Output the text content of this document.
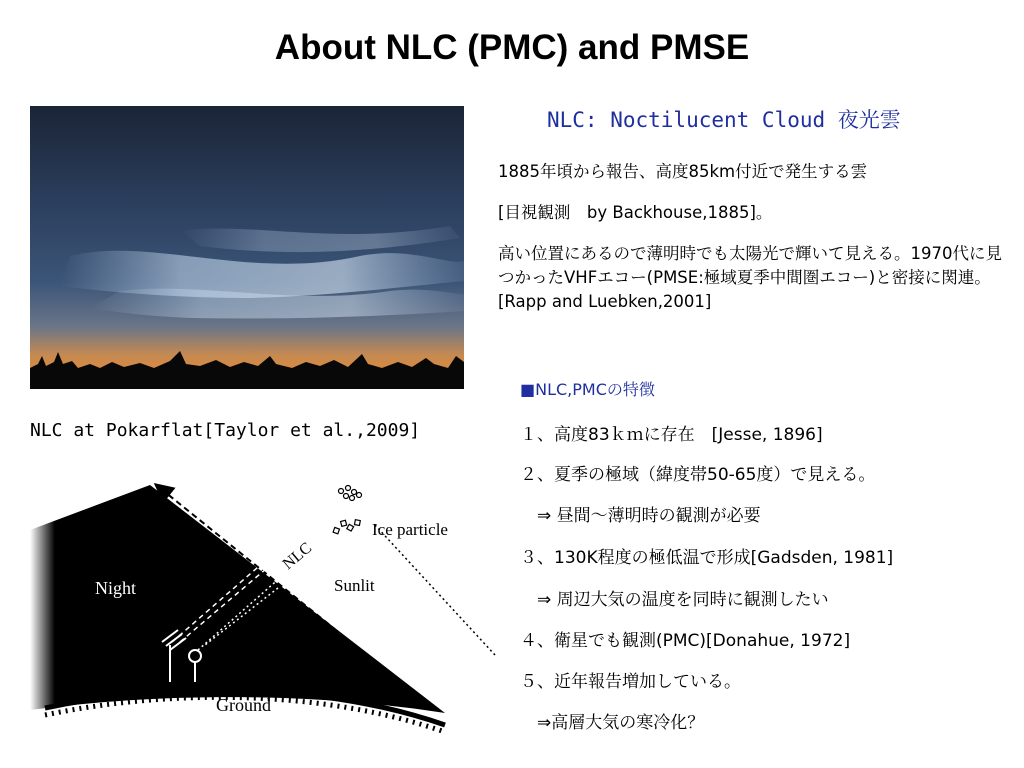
About NLC (PMC) and PMSE
NLC at Pokarflat[Taylor et al.,2009]
NLC: Noctilucent Cloud 夜光雲
1885年頃から報告、高度85km付近で発生する雲
[目視観測　by Backhouse,1885]。
高い位置にあるので薄明時でも太陽光で輝いて見える。1970代に見つかったVHFエコー(PMSE:極域夏季中間圏エコー)と密接に関連。[Rapp and Luebken,2001]
■NLC,PMCの特徴
１、高度83ｋｍに存在　[Jesse, 1896]
２、夏季の極域（緯度帯50-65度）で見える。
　⇒ 昼間～薄明時の観測が必要
３、130K程度の極低温で形成[Gadsden, 1981]
　⇒ 周辺大気の温度を同時に観測したい
４、衛星でも観測(PMC)[Donahue, 1972]
５、近年報告増加している。
　⇒高層大気の寒冷化？
PMSE
NLC
Ice particle
Night	Sunlit
Ground
